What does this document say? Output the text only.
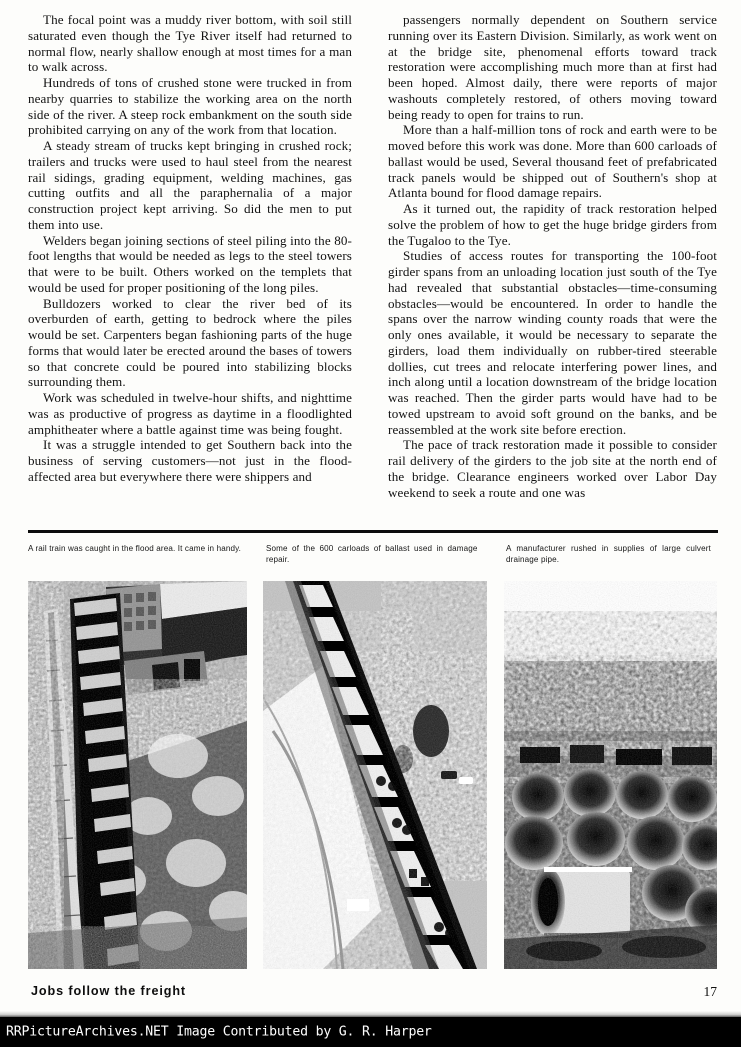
The focal point was a muddy river bottom, with soil still saturated even though the Tye River itself had returned to normal flow, nearly shallow enough at most times for a man to walk across.

Hundreds of tons of crushed stone were trucked in from nearby quarries to stabilize the working area on the north side of the river. A steep rock embankment on the south side prohibited carrying on any of the work from that location.

A steady stream of trucks kept bringing in crushed rock; trailers and trucks were used to haul steel from the nearest rail sidings, grading equipment, welding machines, gas cutting outfits and all the paraphernalia of a major construction project kept arriving. So did the men to put them into use.

Welders began joining sections of steel piling into the 80-foot lengths that would be needed as legs to the steel towers that were to be built. Others worked on the templets that would be used for proper positioning of the long piles.

Bulldozers worked to clear the river bed of its overburden of earth, getting to bedrock where the piles would be set. Carpenters began fashioning parts of the huge forms that would later be erected around the bases of towers so that concrete could be poured into stabilizing blocks surrounding them.

Work was scheduled in twelve-hour shifts, and nighttime was as productive of progress as daytime in a floodlighted amphitheater where a battle against time was being fought.

It was a struggle intended to get Southern back into the business of serving customers—not just in the flood-affected area but everywhere there were shippers and

passengers normally dependent on Southern service running over its Eastern Division. Similarly, as work went on at the bridge site, phenomenal efforts toward track restoration were accomplishing much more than at first had been hoped. Almost daily, there were reports of major washouts completely restored, of others moving toward being ready to open for trains to run.

More than a half-million tons of rock and earth were to be moved before this work was done. More than 600 carloads of ballast would be used, Several thousand feet of prefabricated track panels would be shipped out of Southern's shop at Atlanta bound for flood damage repairs.

As it turned out, the rapidity of track restoration helped solve the problem of how to get the huge bridge girders from the Tugaloo to the Tye.

Studies of access routes for transporting the 100-foot girder spans from an unloading location just south of the Tye had revealed that substantial obstacles—time-consuming obstacles—would be encountered. In order to handle the spans over the narrow winding county roads that were the only ones available, it would be necessary to separate the girders, load them individually on rubber-tired steerable dollies, cut trees and relocate interfering power lines, and inch along until a location downstream of the bridge location was reached. Then the girder parts would have had to be towed upstream to avoid soft ground on the banks, and be reassembled at the work site before erection.

The pace of track restoration made it possible to consider rail delivery of the girders to the job site at the north end of the bridge. Clearance engineers worked over Labor Day weekend to seek a route and one was

A rail train was caught in the flood area. It came in handy.	Some of the 600 carloads of ballast used in damage repair.
A manufacturer rushed in supplies of large culvert drainage pipe.
Jobs follow the freight	17
RRPictureArchives.NET Image Contributed by G. R. Harper
